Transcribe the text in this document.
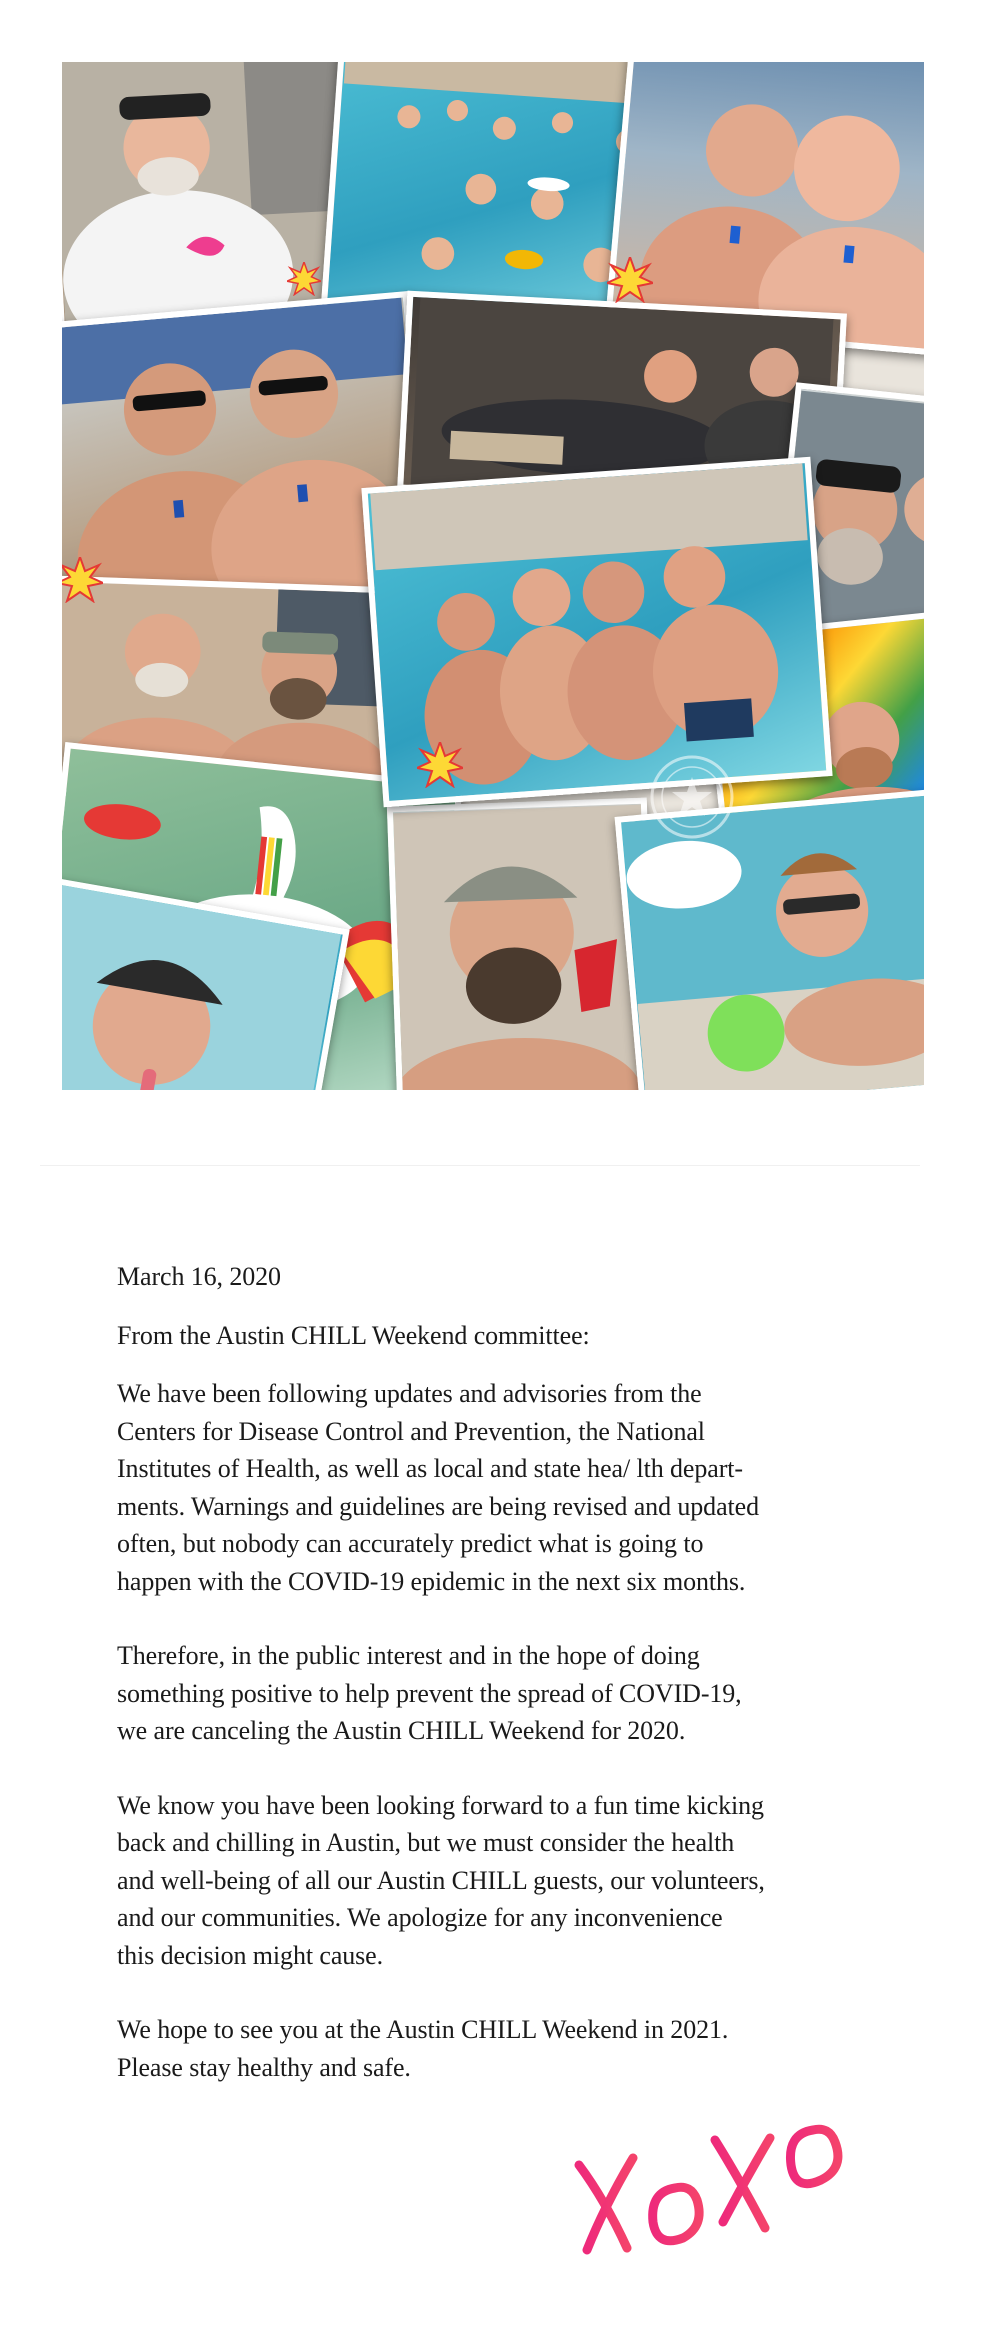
March 16, 2020

From the Austin CHILL Weekend committee:

We have been following updates and advisories from the
Centers for Disease Control and Prevention, the National
Institutes of Health, as well as local and state hea/ lth depart-
ments. Warnings and guidelines are being revised and updated
often, but nobody can accurately predict what is going to
happen with the COVID-19 epidemic in the next six months.

Therefore, in the public interest and in the hope of doing
something positive to help prevent the spread of COVID-19,
we are canceling the Austin CHILL Weekend for 2020.

We know you have been looking forward to a fun time kicking
back and chilling in Austin, but we must consider the health
and well-being of all our Austin CHILL guests, our volunteers,
and our communities. We apologize for any inconvenience
this decision might cause.

We hope to see you at the Austin CHILL Weekend in 2021.
Please stay healthy and safe.
